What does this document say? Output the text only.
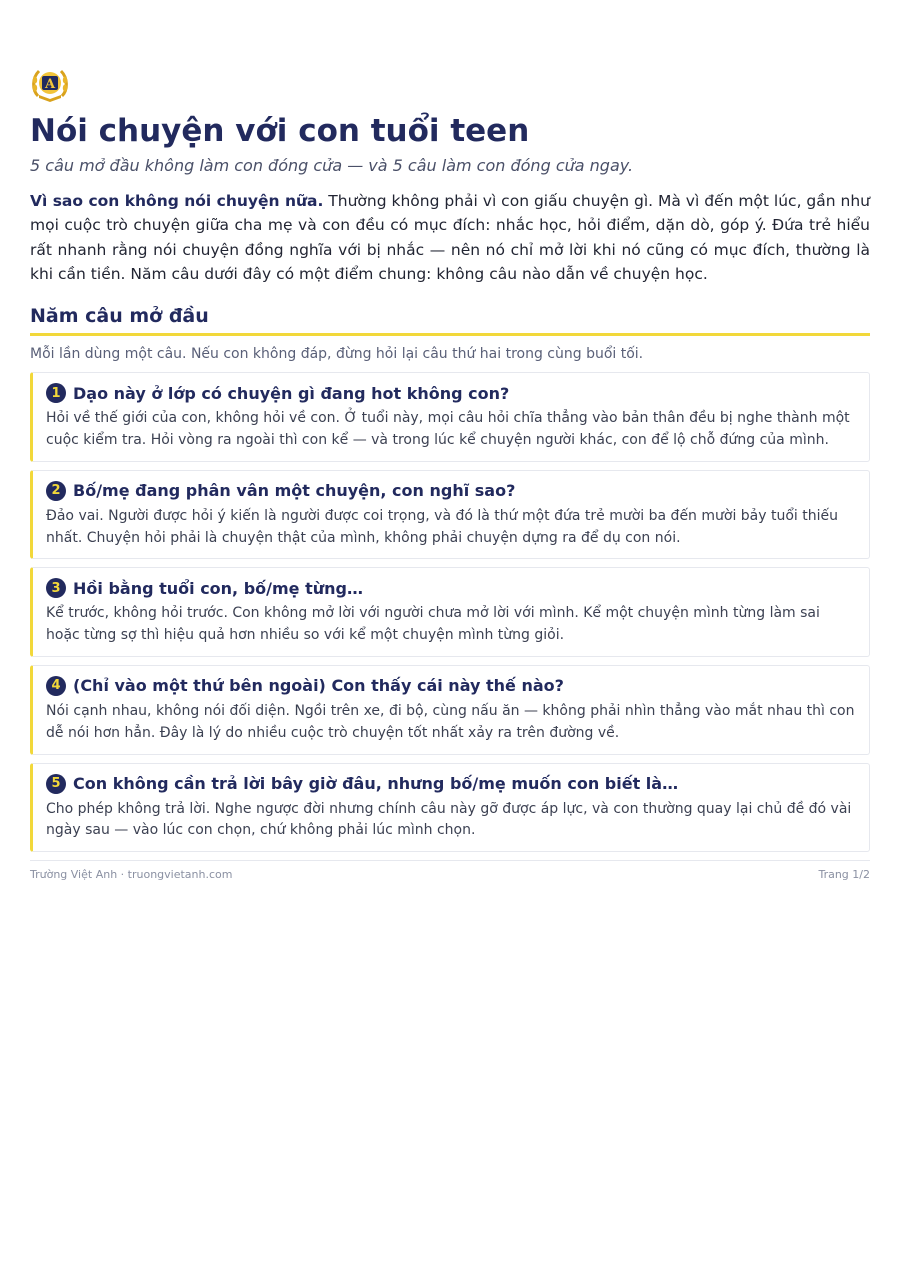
A
Nói chuyện với con tuổi teen

5 câu mở đầu không làm con đóng cửa — và 5 câu làm con đóng cửa ngay.

Vì sao con không nói chuyện nữa. Thường không phải vì con giấu chuyện gì. Mà vì đến một lúc, gần như mọi cuộc trò chuyện giữa cha mẹ và con đều có mục đích: nhắc học, hỏi điểm, dặn dò, góp ý. Đứa trẻ hiểu rất nhanh rằng nói chuyện đồng nghĩa với bị nhắc — nên nó chỉ mở lời khi nó cũng có mục đích, thường là khi cần tiền. Năm câu dưới đây có một điểm chung: không câu nào dẫn về chuyện học.

Năm câu mở đầu

Mỗi lần dùng một câu. Nếu con không đáp, đừng hỏi lại câu thứ hai trong cùng buổi tối.

1 Dạo này ở lớp có chuyện gì đang hot không con?
Hỏi về thế giới của con, không hỏi về con. Ở tuổi này, mọi câu hỏi chĩa thẳng vào bản thân đều bị nghe thành một cuộc kiểm tra. Hỏi vòng ra ngoài thì con kể — và trong lúc kể chuyện người khác, con để lộ chỗ đứng của mình.
2 Bố/mẹ đang phân vân một chuyện, con nghĩ sao?
Đảo vai. Người được hỏi ý kiến là người được coi trọng, và đó là thứ một đứa trẻ mười ba đến mười bảy tuổi thiếu nhất. Chuyện hỏi phải là chuyện thật của mình, không phải chuyện dựng ra để dụ con nói.
3 Hồi bằng tuổi con, bố/mẹ từng…
Kể trước, không hỏi trước. Con không mở lời với người chưa mở lời với mình. Kể một chuyện mình từng làm sai hoặc từng sợ thì hiệu quả hơn nhiều so với kể một chuyện mình từng giỏi.
4 (Chỉ vào một thứ bên ngoài) Con thấy cái này thế nào?
Nói cạnh nhau, không nói đối diện. Ngồi trên xe, đi bộ, cùng nấu ăn — không phải nhìn thẳng vào mắt nhau thì con dễ nói hơn hẳn. Đây là lý do nhiều cuộc trò chuyện tốt nhất xảy ra trên đường về.
5 Con không cần trả lời bây giờ đâu, nhưng bố/mẹ muốn con biết là…
Cho phép không trả lời. Nghe ngược đời nhưng chính câu này gỡ được áp lực, và con thường quay lại chủ đề đó vài ngày sau — vào lúc con chọn, chứ không phải lúc mình chọn.
Trường Việt Anh · truongvietanh.com	Trang 1/2
